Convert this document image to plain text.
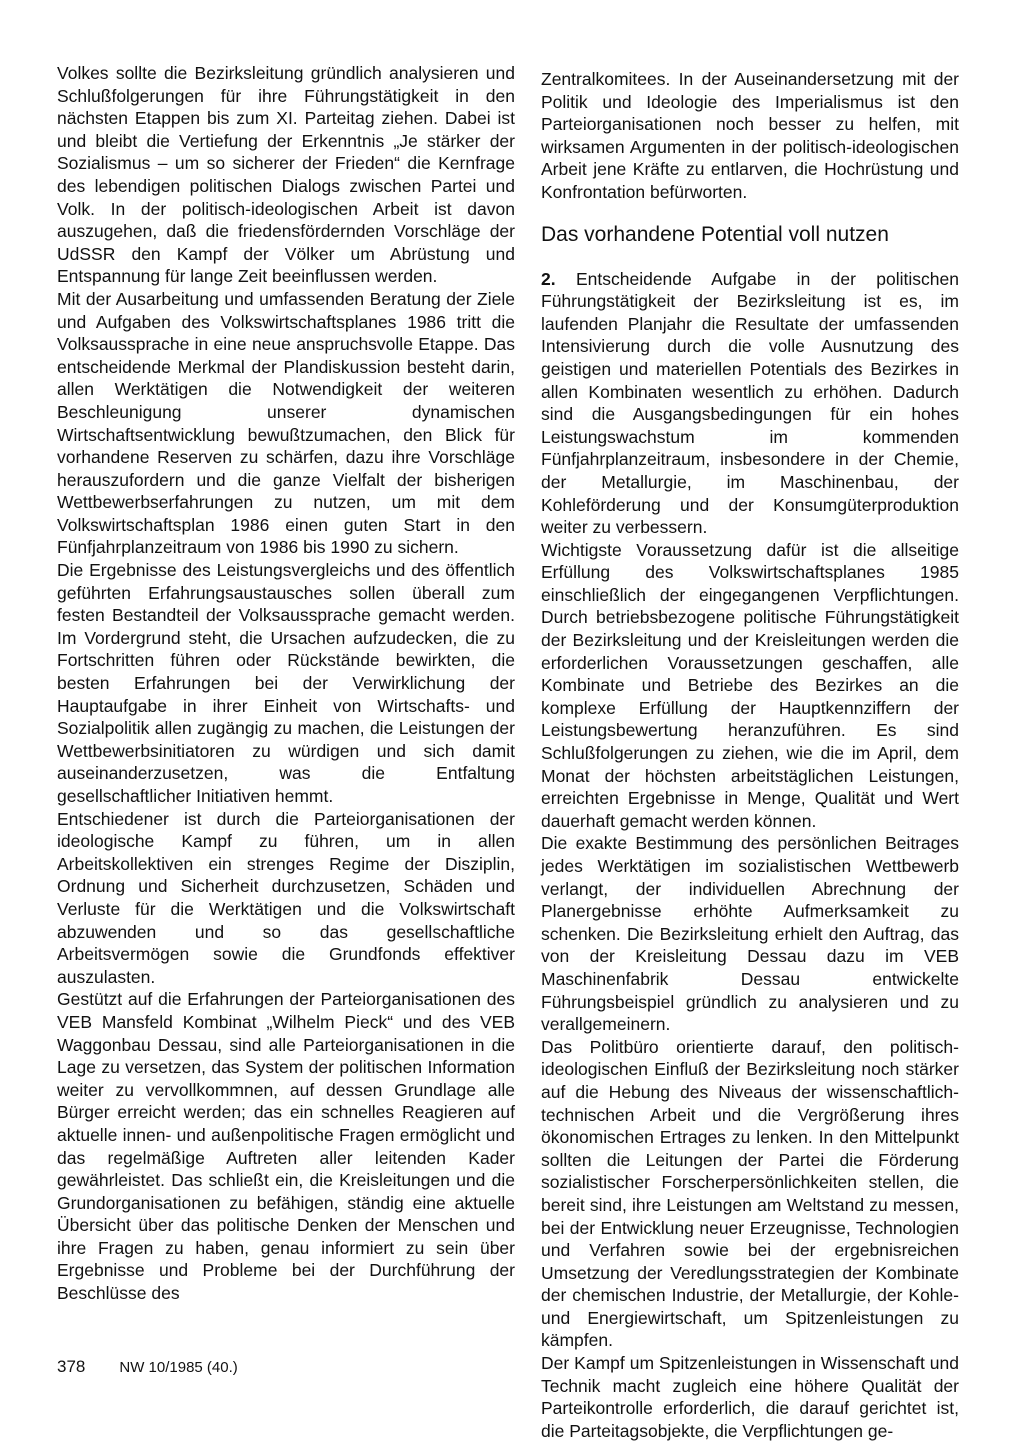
Volkes sollte die Bezirksleitung gründlich analysieren und Schlußfolgerungen für ihre Führungstätigkeit in den nächsten Etappen bis zum XI. Parteitag ziehen. Dabei ist und bleibt die Vertiefung der Erkenntnis „Je stärker der Sozialismus – um so sicherer der Frieden“ die Kernfrage des lebendigen politischen Dialogs zwischen Partei und Volk. In der politisch-ideologischen Arbeit ist davon auszugehen, daß die friedensfördernden Vorschläge der UdSSR den Kampf der Völker um Abrüstung und Entspannung für lange Zeit beeinflussen werden.

Mit der Ausarbeitung und umfassenden Beratung der Ziele und Aufgaben des Volkswirtschaftsplanes 1986 tritt die Volksaussprache in eine neue anspruchsvolle Etappe. Das entscheidende Merkmal der Plandiskussion besteht darin, allen Werktätigen die Notwendigkeit der weiteren Beschleunigung unserer dynamischen Wirtschaftsentwicklung bewußtzumachen, den Blick für vorhandene Reserven zu schärfen, dazu ihre Vorschläge herauszufordern und die ganze Vielfalt der bisherigen Wettbewerbserfahrungen zu nutzen, um mit dem Volkswirtschaftsplan 1986 einen guten Start in den Fünfjahrplanzeitraum von 1986 bis 1990 zu sichern.

Die Ergebnisse des Leistungsvergleichs und des öffentlich geführten Erfahrungsaustausches sollen überall zum festen Bestandteil der Volksaussprache gemacht werden. Im Vordergrund steht, die Ursachen aufzudecken, die zu Fortschritten führen oder Rückstände bewirkten, die besten Erfahrungen bei der Verwirklichung der Hauptaufgabe in ihrer Einheit von Wirtschafts- und Sozialpolitik allen zugängig zu machen, die Leistungen der Wettbewerbsinitiatoren zu würdigen und sich damit auseinanderzusetzen, was die Entfaltung gesellschaftlicher Initiativen hemmt.

Entschiedener ist durch die Parteiorganisationen der ideologische Kampf zu führen, um in allen Arbeitskollektiven ein strenges Regime der Disziplin, Ordnung und Sicherheit durchzusetzen, Schäden und Verluste für die Werktätigen und die Volkswirtschaft abzuwenden und so das gesellschaftliche Arbeitsvermögen sowie die Grundfonds effektiver auszulasten.

Gestützt auf die Erfahrungen der Parteiorganisationen des VEB Mansfeld Kombinat „Wilhelm Pieck“ und des VEB Waggonbau Dessau, sind alle Parteiorganisationen in die Lage zu versetzen, das System der politischen Information weiter zu vervollkommnen, auf dessen Grundlage alle Bürger erreicht werden; das ein schnelles Reagieren auf aktuelle innen- und außenpolitische Fragen ermöglicht und das regelmäßige Auftreten aller leitenden Kader gewährleistet. Das schließt ein, die Kreisleitungen und die Grundorganisationen zu befähigen, ständig eine aktuelle Übersicht über das politische Denken der Menschen und ihre Fragen zu haben, genau informiert zu sein über Ergebnisse und Probleme bei der Durchführung der Beschlüsse des

Zentralkomitees. In der Auseinandersetzung mit der Politik und Ideologie des Imperialismus ist den Parteiorganisationen noch besser zu helfen, mit wirksamen Argumenten in der politisch-ideologischen Arbeit jene Kräfte zu entlarven, die Hochrüstung und Konfrontation befürworten.

Das vorhandene Potential voll nutzen

2. Entscheidende Aufgabe in der politischen Führungstätigkeit der Bezirksleitung ist es, im laufenden Planjahr die Resultate der umfassenden Intensivierung durch die volle Ausnutzung des geistigen und materiellen Potentials des Bezirkes in allen Kombinaten wesentlich zu erhöhen. Dadurch sind die Ausgangsbedingungen für ein hohes Leistungswachstum im kommenden Fünfjahrplanzeitraum, insbesondere in der Chemie, der Metallurgie, im Maschinenbau, der Kohleförderung und der Konsumgüterproduktion weiter zu verbessern.

Wichtigste Voraussetzung dafür ist die allseitige Erfüllung des Volkswirtschaftsplanes 1985 einschließlich der eingegangenen Verpflichtungen. Durch betriebsbezogene politische Führungstätigkeit der Bezirksleitung und der Kreisleitungen werden die erforderlichen Voraussetzungen geschaffen, alle Kombinate und Betriebe des Bezirkes an die komplexe Erfüllung der Hauptkennziffern der Leistungsbewertung heranzuführen. Es sind Schlußfolgerungen zu ziehen, wie die im April, dem Monat der höchsten arbeitstäglichen Leistungen, erreichten Ergebnisse in Menge, Qualität und Wert dauerhaft gemacht werden können.

Die exakte Bestimmung des persönlichen Beitrages jedes Werktätigen im sozialistischen Wettbewerb verlangt, der individuellen Abrechnung der Planergebnisse erhöhte Aufmerksamkeit zu schenken. Die Bezirksleitung erhielt den Auftrag, das von der Kreisleitung Dessau dazu im VEB Maschinenfabrik Dessau entwickelte Führungsbeispiel gründlich zu analysieren und zu verallgemeinern.

Das Politbüro orientierte darauf, den politisch-ideologischen Einfluß der Bezirksleitung noch stärker auf die Hebung des Niveaus der wissenschaftlich-technischen Arbeit und die Vergrößerung ihres ökonomischen Ertrages zu lenken. In den Mittelpunkt sollten die Leitungen der Partei die Förderung sozialistischer Forscherpersönlichkeiten stellen, die bereit sind, ihre Leistungen am Weltstand zu messen, bei der Entwicklung neuer Erzeugnisse, Technologien und Verfahren sowie bei der ergebnisreichen Umsetzung der Veredlungsstrategien der Kombinate der chemischen Industrie, der Metallurgie, der Kohle- und Energiewirtschaft, um Spitzenleistungen zu kämpfen.

Der Kampf um Spitzenleistungen in Wissenschaft und Technik macht zugleich eine höhere Qualität der Parteikontrolle erforderlich, die darauf gerichtet ist, die Parteitagsobjekte, die Verpflichtungen ge-

378 NW 10/1985 (40.)
